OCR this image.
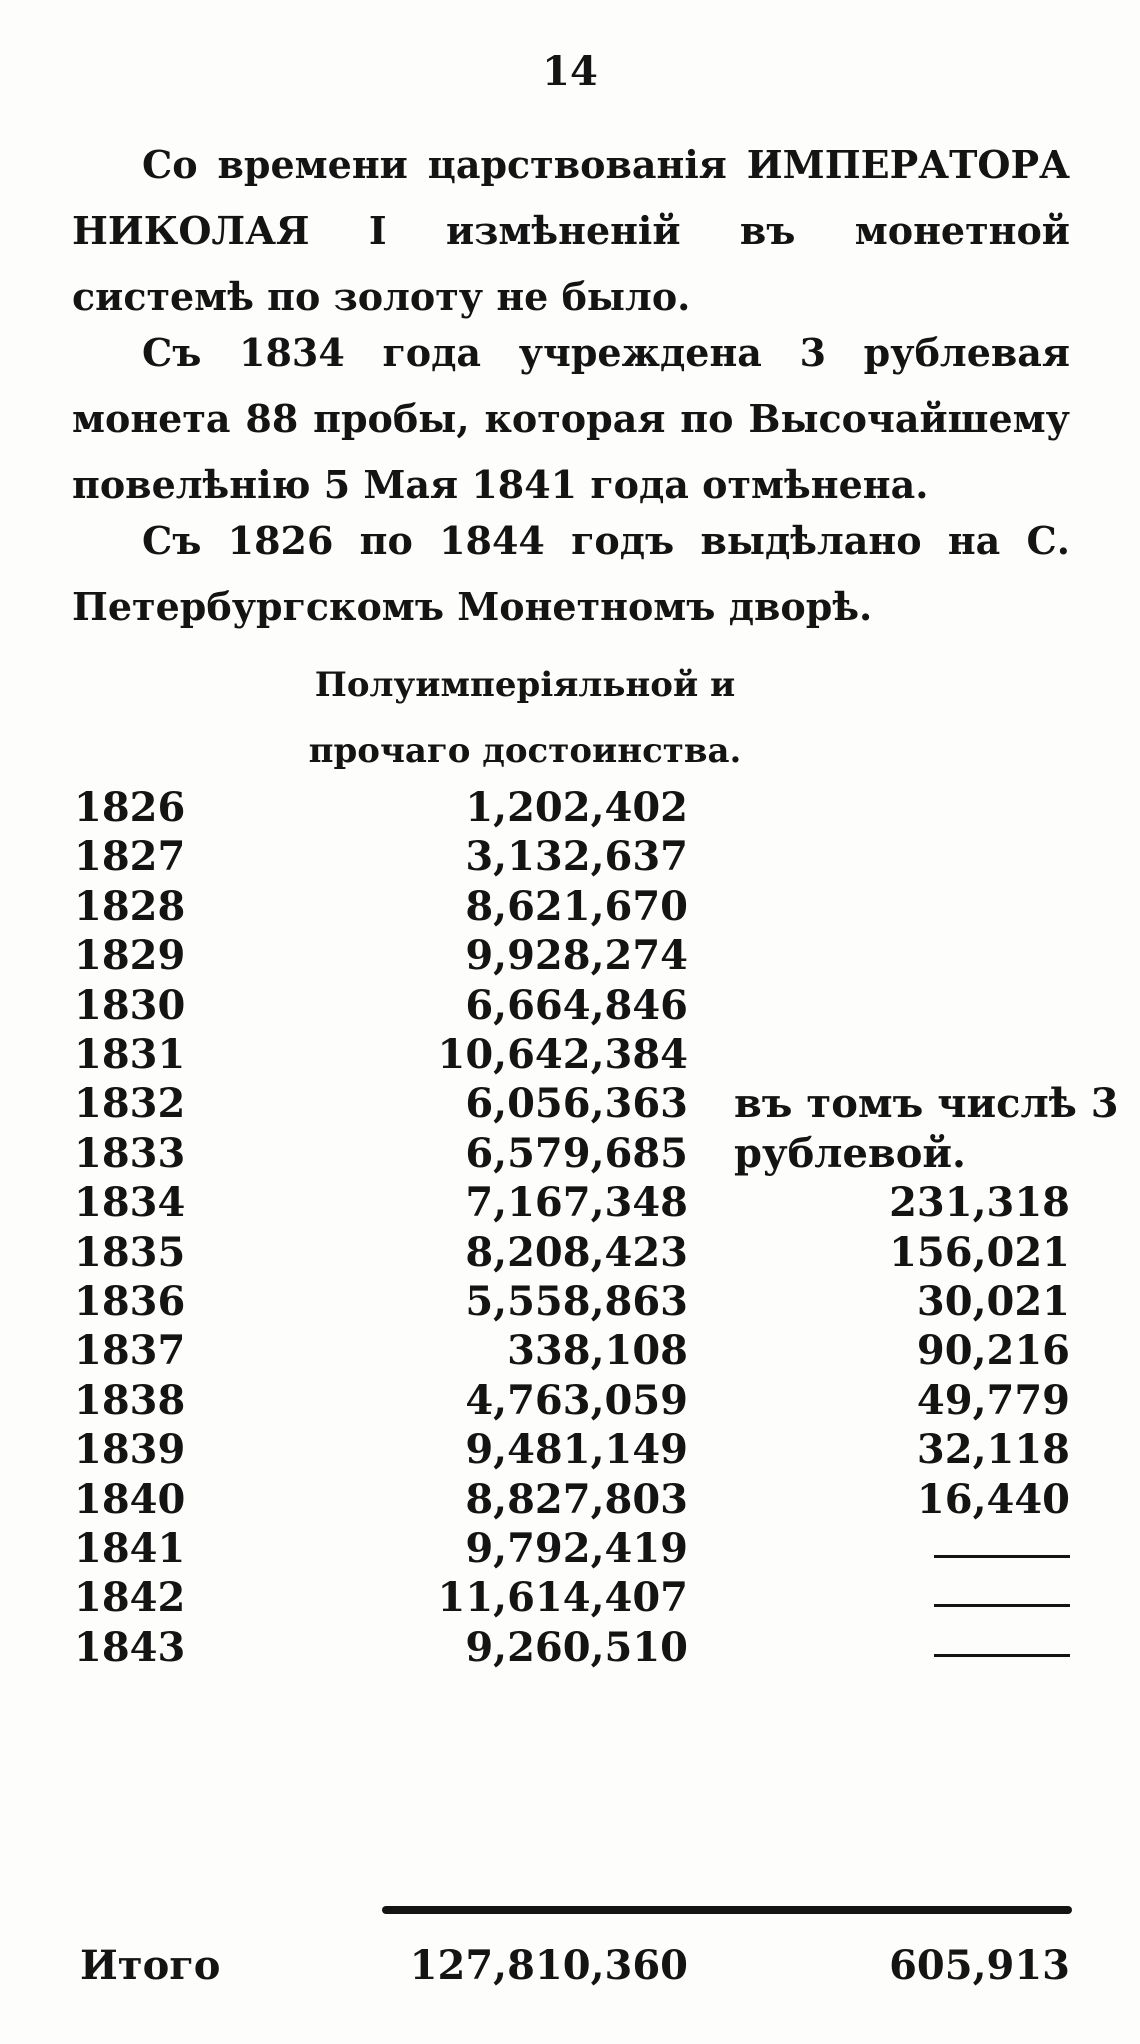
14
Со времени царствованія ИМПЕРАТОРА НИКОЛАЯ I измѣненій въ монетной системѣ по золоту не было.
Съ 1834 года учреждена 3 рублевая монета 88 пробы, которая по Высочайшему повелѣнію 5 Мая 1841 года отмѣнена.
Съ 1826 по 1844 годъ выдѣлано на С. Петербургскомъ Монетномъ дворѣ.
Полуимперіяльной и прочаго достоинства.
1826	1,202,402
1827	3,132,637
1828	8,621,670
1829	9,928,274
1830	6,664,846
1831	10,642,384
1832	6,056,363 въ томъ числѣ 3
1833	6,579,685 рублевой.
1834	7,167,348	231,318
1835	8,208,423	156,021
1836	5,558,863	30,021
1837	338,108	90,216
1838	4,763,059	49,779
1839	9,481,149	32,118
1840	8,827,803	16,440
1841	9,792,419
1842	11,614,407
1843	9,260,510
Итого	127,810,360	605,913
